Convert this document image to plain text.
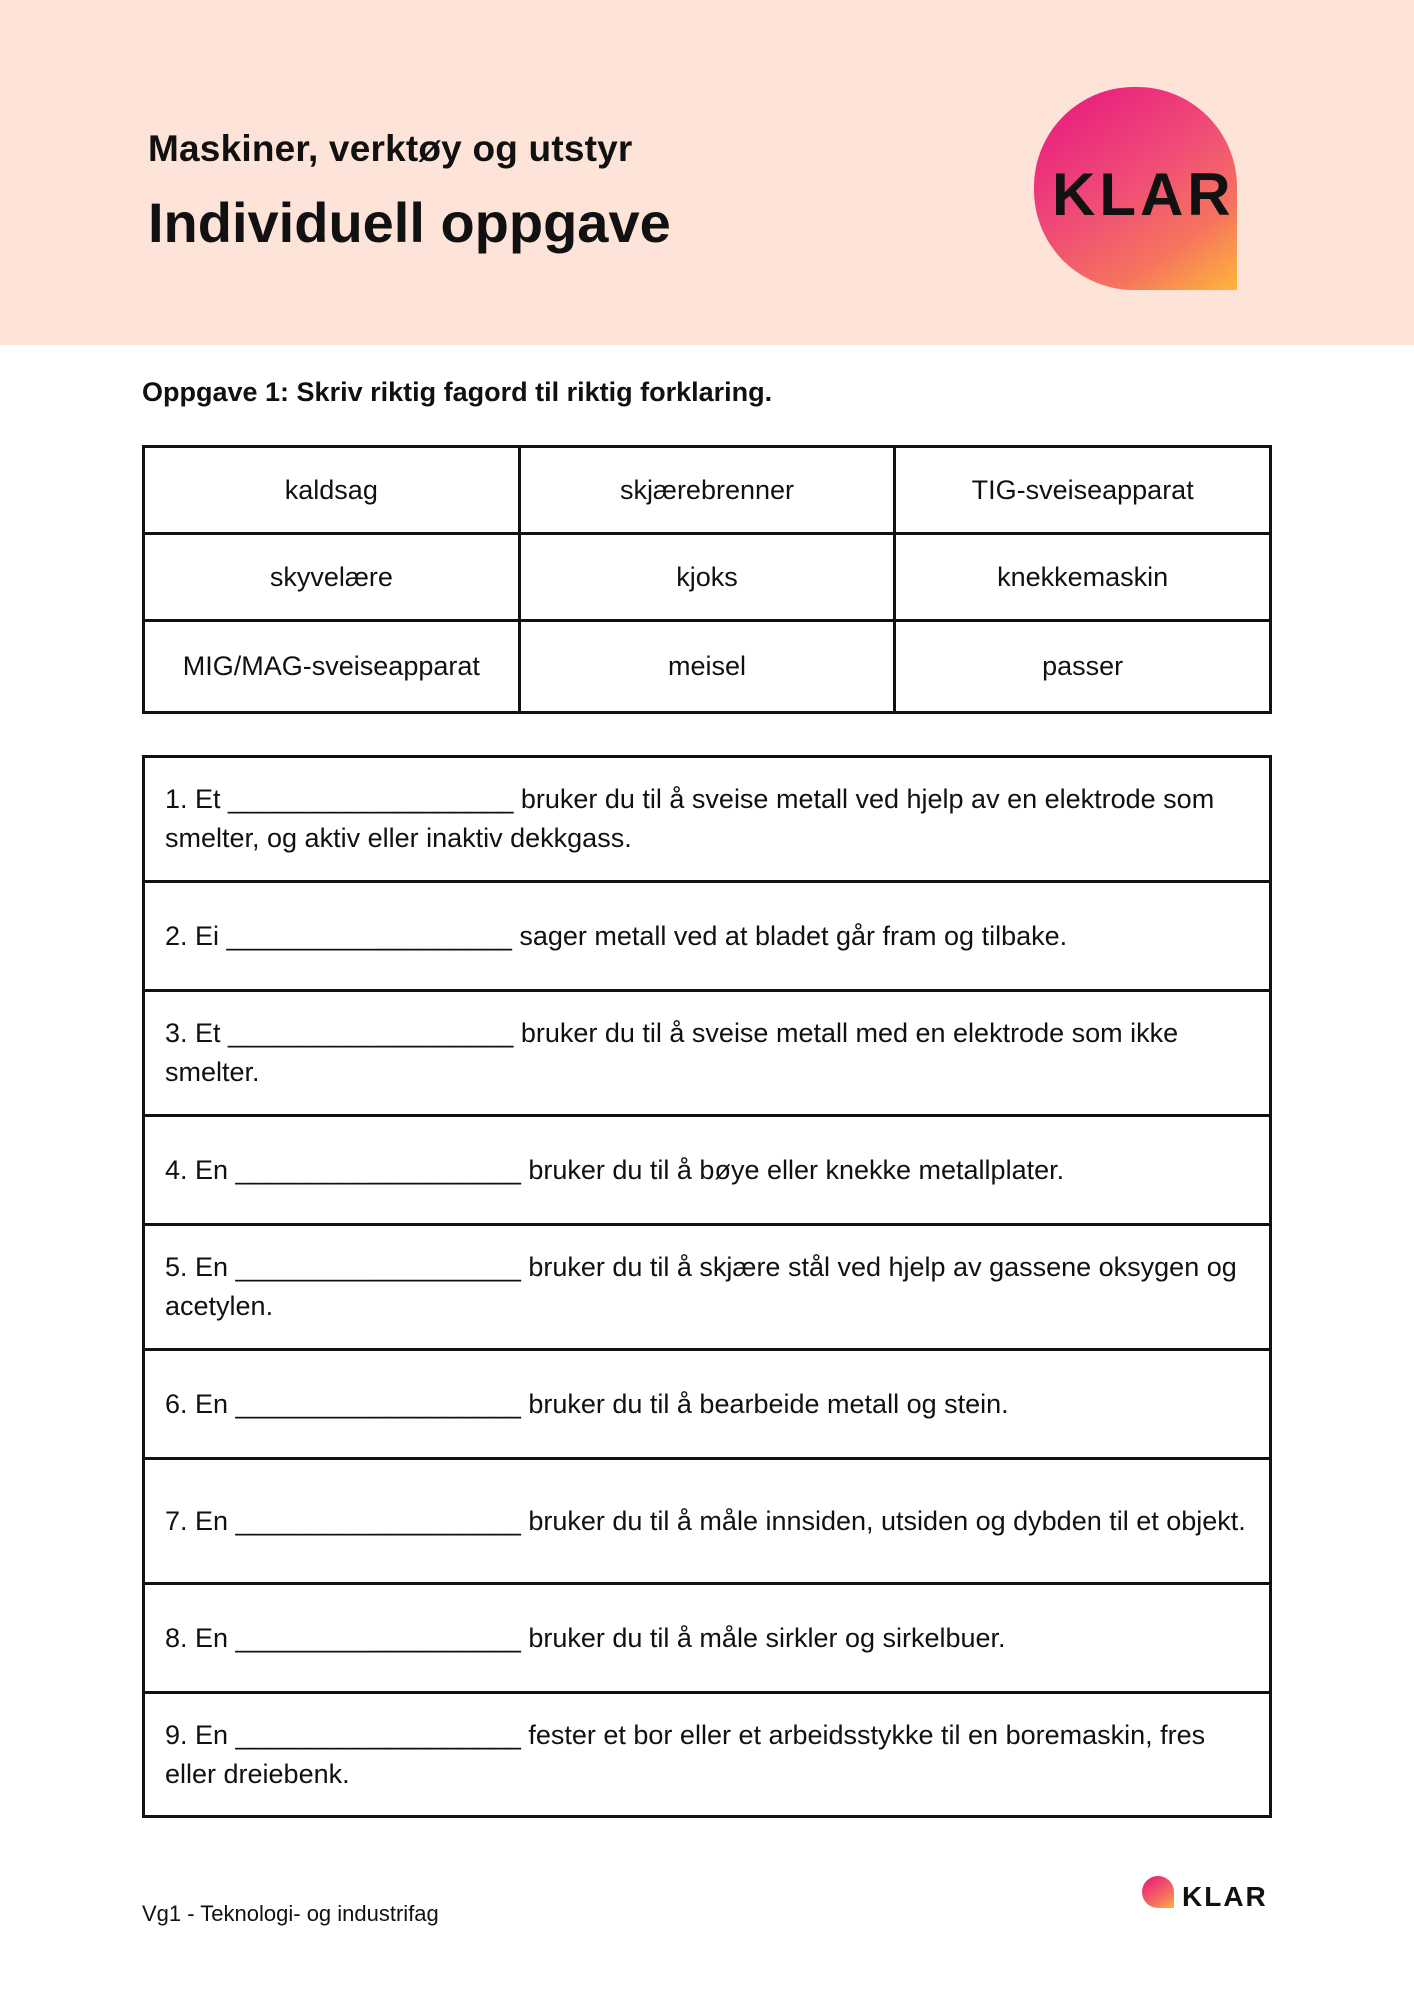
Maskiner, verktøy og utstyr
Individuell oppgave	KLAR
Oppgave 1: Skriv riktig fagord til riktig forklaring.
kaldsag	skjærebrenner	TIG-sveiseapparat
skyvelære	kjoks	knekkemaskin
MIG/MAG-sveiseapparat	meisel	passer
1. Et ___________________ bruker du til å sveise metall ved hjelp av en elektrode som smelter, og aktiv eller inaktiv dekkgass.
2. Ei ___________________ sager metall ved at bladet går fram og tilbake.
3. Et ___________________ bruker du til å sveise metall med en elektrode som ikke smelter.
4. En ___________________ bruker du til å bøye eller knekke metallplater.
5. En ___________________ bruker du til å skjære stål ved hjelp av gassene oksygen og acetylen.
6. En ___________________ bruker du til å bearbeide metall og stein.
7. En ___________________ bruker du til å måle innsiden, utsiden og dybden til et objekt.
8. En ___________________ bruker du til å måle sirkler og sirkelbuer.
9. En ___________________ fester et bor eller et arbeidsstykke til en boremaskin, fres eller dreiebenk.
Vg1 - Teknologi- og industrifag
KLAR
